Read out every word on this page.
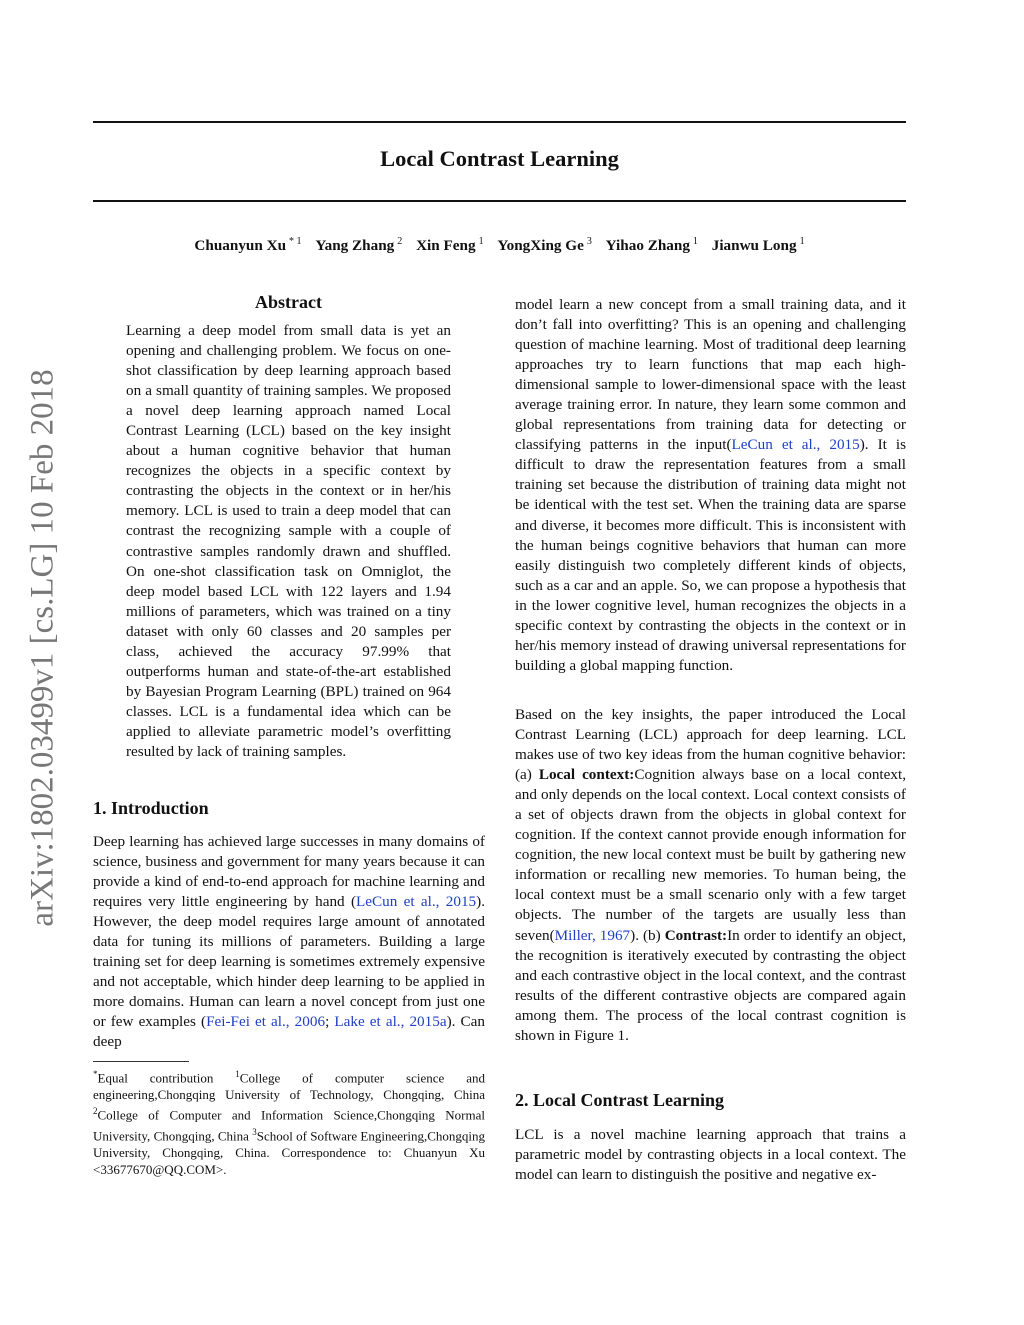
Local Contrast Learning
Chuanyun Xu $^{* 1}$ Yang Zhang $^2$ Xin Feng $^1$ YongXing Ge $^3$ Yihao Zhang $^1$ Jianwu Long $^1$
arXiv:1802.03499v1 [cs.LG] 10 Feb 2018
Abstract
Learning a deep model from small data is yet an opening and challenging problem. We focus on one-shot classification by deep learning approach based on a small quantity of training samples. We proposed a novel deep learning approach named Local Contrast Learning (LCL) based on the key insight about a human cognitive behavior that human recognizes the objects in a specific context by contrasting the objects in the context or in her/his memory. LCL is used to train a deep model that can contrast the recognizing sample with a couple of contrastive samples randomly drawn and shuffled. On one-shot classification task on Omniglot, the deep model based LCL with 122 layers and 1.94 millions of parameters, which was trained on a tiny dataset with only 60 classes and 20 samples per class, achieved the accuracy 97.99% that outperforms human and state-of-the-art established by Bayesian Program Learning (BPL) trained on 964 classes. LCL is a fundamental idea which can be applied to alleviate parametric model’s overfitting resulted by lack of training samples.
1. Introduction
Deep learning has achieved large successes in many domains of science, business and government for many years because it can provide a kind of end-to-end approach for machine learning and requires very little engineering by hand (LeCun et al., 2015). However, the deep model requires large amount of annotated data for tuning its millions of parameters. Building a large training set for deep learning is sometimes extremely expensive and not acceptable, which hinder deep learning to be applied in more domains. Human can learn a novel concept from just one or few examples (Fei-Fei et al., 2006; Lake et al., 2015a). Can deep
*Equal contribution $^1$College of computer science and engineering,Chongqing University of Technology, Chongqing, China $^2$College of Computer and Information Science,Chongqing Normal University, Chongqing, China $^3$School of Software Engineering,Chongqing University, Chongqing, China. Correspondence to: Chuanyun Xu <33677670@QQ.COM>.
model learn a new concept from a small training data, and it don’t fall into overfitting? This is an opening and challenging question of machine learning. Most of traditional deep learning approaches try to learn functions that map each high-dimensional sample to lower-dimensional space with the least average training error. In nature, they learn some common and global representations from training data for detecting or classifying patterns in the input(LeCun et al., 2015). It is difficult to draw the representation features from a small training set because the distribution of training data might not be identical with the test set. When the training data are sparse and diverse, it becomes more difficult. This is inconsistent with the human beings cognitive behaviors that human can more easily distinguish two completely different kinds of objects, such as a car and an apple. So, we can propose a hypothesis that in the lower cognitive level, human recognizes the objects in a specific context by contrasting the objects in the context or in her/his memory instead of drawing universal representations for building a global mapping function.
Based on the key insights, the paper introduced the Local Contrast Learning (LCL) approach for deep learning. LCL makes use of two key ideas from the human cognitive behavior: (a) Local context:Cognition always base on a local context, and only depends on the local context. Local context consists of a set of objects drawn from the objects in global context for cognition. If the context cannot provide enough information for cognition, the new local context must be built by gathering new information or recalling new memories. To human being, the local context must be a small scenario only with a few target objects. The number of the targets are usually less than seven(Miller, 1967). (b) Contrast:In order to identify an object, the recognition is iteratively executed by contrasting the object and each contrastive object in the local context, and the contrast results of the different contrastive objects are compared again among them. The process of the local contrast cognition is shown in Figure 1.
2. Local Contrast Learning
LCL is a novel machine learning approach that trains a parametric model by contrasting objects in a local context. The model can learn to distinguish the positive and negative ex-
